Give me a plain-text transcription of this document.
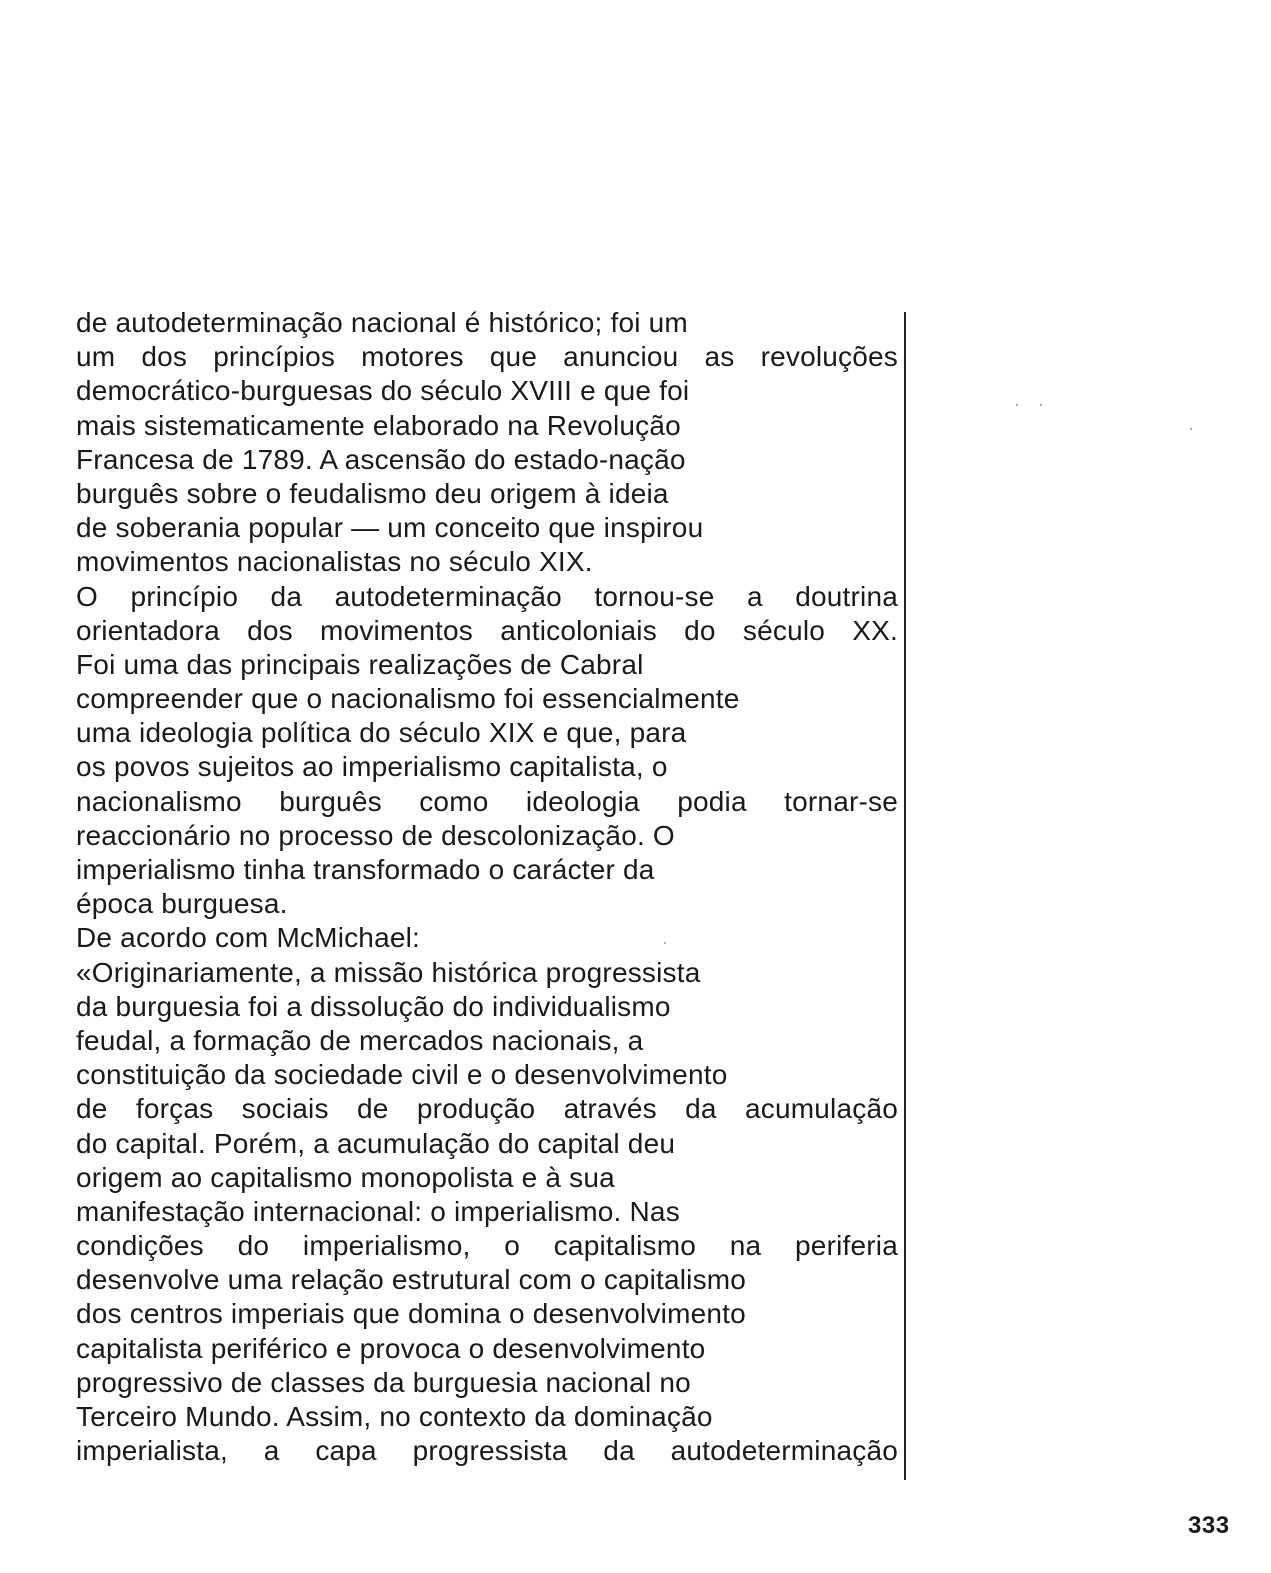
de autodeterminação nacional é histórico; foi um
um dos princípios motores que anunciou as revoluções
democrático-burguesas do século XVIII e que foi
mais sistematicamente elaborado na Revolução
Francesa de 1789. A ascensão do estado-nação
burguês sobre o feudalismo deu origem à ideia
de soberania popular — um conceito que inspirou
movimentos nacionalistas no século XIX.
O princípio da autodeterminação tornou-se a doutrina
orientadora dos movimentos anticoloniais do século XX.
Foi uma das principais realizações de Cabral
compreender que o nacionalismo foi essencialmente
uma ideologia política do século XIX e que, para
os povos sujeitos ao imperialismo capitalista, o
nacionalismo burguês como ideologia podia tornar-se
reaccionário no processo de descolonização. O
imperialismo tinha transformado o carácter da
época burguesa.
De acordo com McMichael:
«Originariamente, a missão histórica progressista
da burguesia foi a dissolução do individualismo
feudal, a formação de mercados nacionais, a
constituição da sociedade civil e o desenvolvimento
de forças sociais de produção através da acumulação
do capital. Porém, a acumulação do capital deu
origem ao capitalismo monopolista e à sua
manifestação internacional: o imperialismo. Nas
condições do imperialismo, o capitalismo na periferia
desenvolve uma relação estrutural com o capitalismo
dos centros imperiais que domina o desenvolvimento
capitalista periférico e provoca o desenvolvimento
progressivo de classes da burguesia nacional no
Terceiro Mundo. Assim, no contexto da dominação
imperialista, a capa progressista da autodeterminação
333
